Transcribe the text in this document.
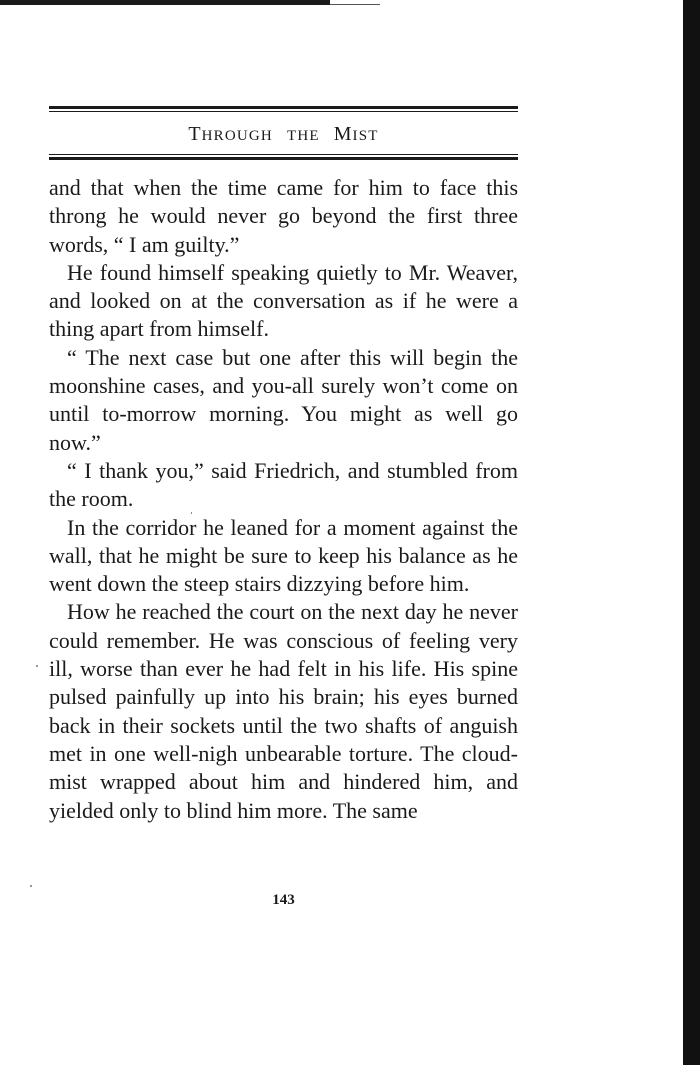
THROUGH THE MIST

and that when the time came for him to face this throng he would never go beyond the first three words, “ I am guilty.”

He found himself speaking quietly to Mr. Weaver, and looked on at the conversation as if he were a thing apart from himself.

“ The next case but one after this will begin the moonshine cases, and you-all surely won’t come on until to-morrow morning. You might as well go now.”

“ I thank you,” said Friedrich, and stumbled from the room.

In the corridor he leaned for a moment against the wall, that he might be sure to keep his balance as he went down the steep stairs dizzying before him.

How he reached the court on the next day he never could remember. He was conscious of feeling very ill, worse than ever he had felt in his life. His spine pulsed painfully up into his brain; his eyes burned back in their sockets until the two shafts of anguish met in one well-nigh unbearable torture. The cloud-mist wrapped about him and hindered him, and yielded only to blind him more. The same

143
